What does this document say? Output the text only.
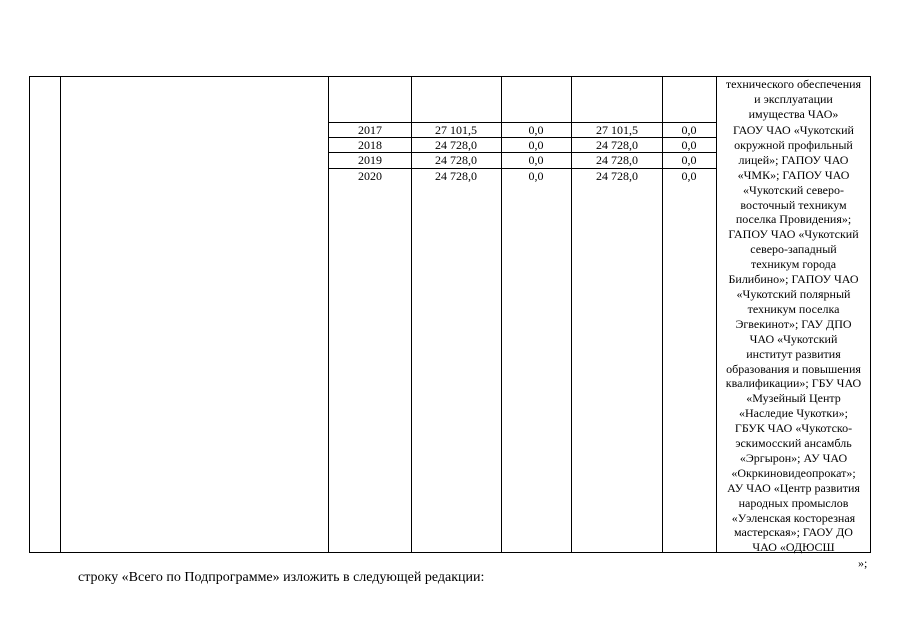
технического обеспечения
и эксплуатации
имущества ЧАО»
2017	27 101,5	0,0	27 101,5	0,0
2018	24 728,0	0,0	24 728,0	0,0
2019	24 728,0	0,0	24 728,0	0,0
2020	24 728,0	0,0	24 728,0	0,0
ГАОУ ЧАО «Чукотский
окружной профильный
лицей»; ГАПОУ ЧАО
«ЧМК»; ГАПОУ ЧАО
«Чукотский северо-
восточный техникум
поселка Провидения»;
ГАПОУ ЧАО «Чукотский
северо-западный
техникум города
Билибино»; ГАПОУ ЧАО
«Чукотский полярный
техникум поселка
Эгвекинот»; ГАУ ДПО
ЧАО «Чукотский
институт развития
образования и повышения
квалификации»; ГБУ ЧАО
«Музейный Центр
«Наследие Чукотки»;
ГБУК ЧАО «Чукотско-
эскимосский ансамбль
«Эргырон»; АУ ЧАО
«Окркиновидеопрокат»;
АУ ЧАО «Центр развития
народных промыслов
«Уэленская косторезная
мастерская»; ГАОУ ДО
ЧАО «ОДЮСШ
»;
строку «Всего по Подпрограмме» изложить в следующей редакции:
